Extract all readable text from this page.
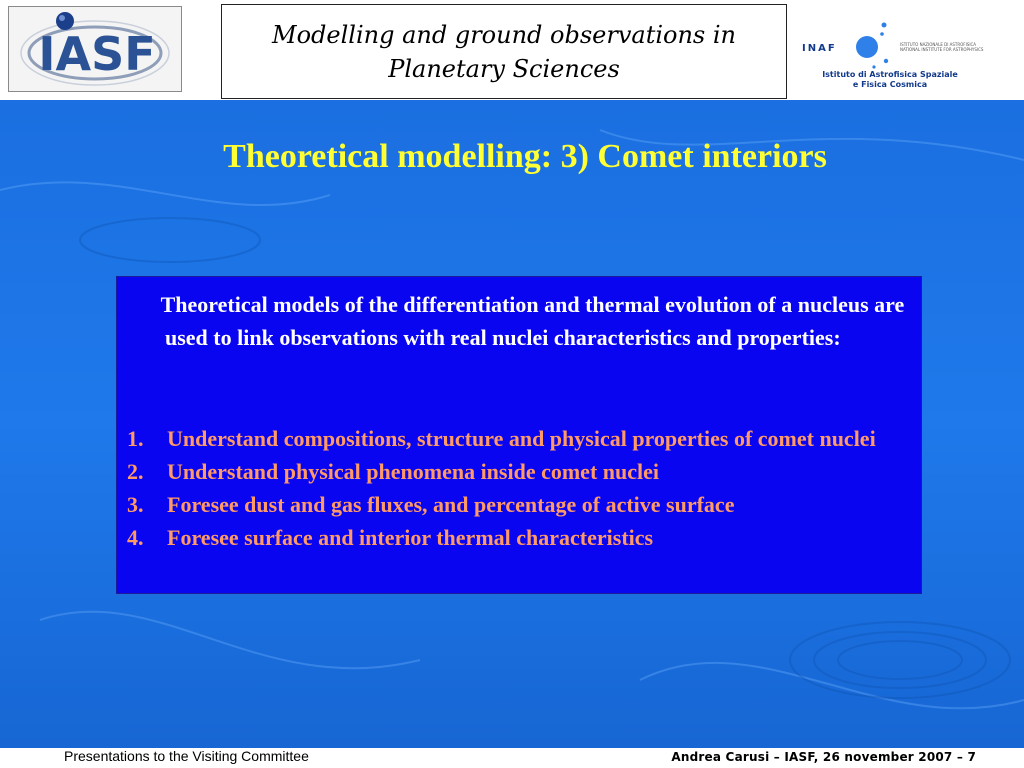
IASF	Modelling and ground observations in
Planetary Sciences
INAF	ISTITUTO NAZIONALE DI ASTROFISICA
NATIONAL INSTITUTE FOR ASTROPHYSICS
Istituto di Astrofisica Spaziale
e Fisica Cosmica
Theoretical modelling: 3) Comet interiors
Theoretical models of the differentiation and thermal evolution of a nucleus are used to link observations with real nuclei characteristics and properties:
1. Understand compositions, structure and physical properties of comet nuclei
2. Understand physical phenomena inside comet nuclei
3. Foresee dust and gas fluxes, and percentage of active surface
4. Foresee surface and interior thermal characteristics
Presentations to the Visiting Committee	Andrea Carusi – IASF, 26 november 2007 – 7
